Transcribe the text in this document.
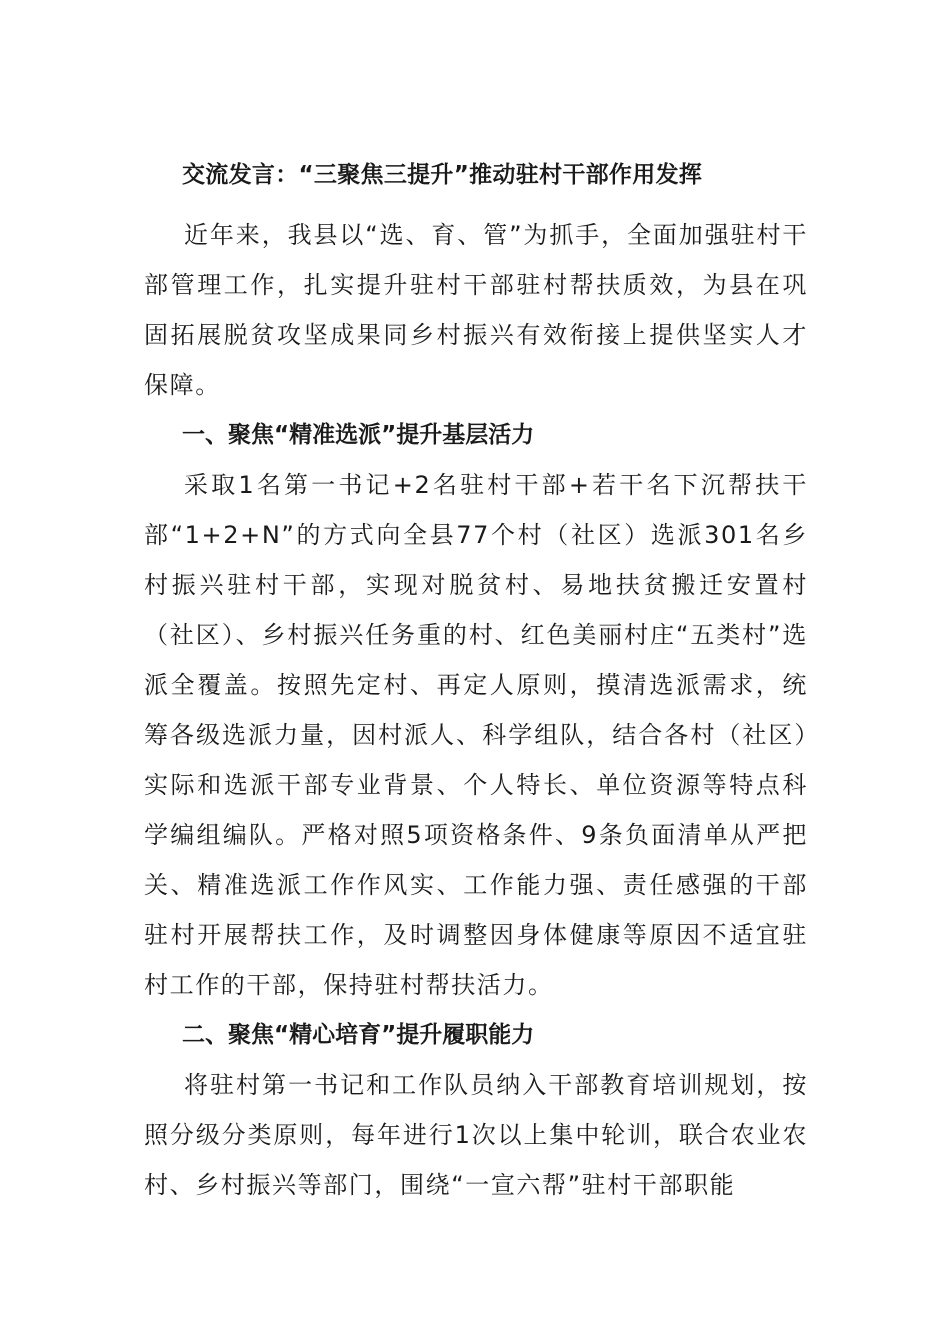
交流发言：“三聚焦三提升”推动驻村干部作用发挥

近年来，我县以“选、育、管”为抓手，全面加强驻村干部管理工作，扎实提升驻村干部驻村帮扶质效，为县在巩固拓展脱贫攻坚成果同乡村振兴有效衔接上提供坚实人才保障。

一、聚焦“精准选派”提升基层活力

采取1名第一书记+2名驻村干部+若干名下沉帮扶干部“1+2+N”的方式向全县77个村（社区）选派301名乡村振兴驻村干部，实现对脱贫村、易地扶贫搬迁安置村（社区）、乡村振兴任务重的村、红色美丽村庄“五类村”选派全覆盖。按照先定村、再定人原则，摸清选派需求，统筹各级选派力量，因村派人、科学组队，结合各村（社区）实际和选派干部专业背景、个人特长、单位资源等特点科学编组编队。严格对照5项资格条件、9条负面清单从严把关、精准选派工作作风实、工作能力强、责任感强的干部驻村开展帮扶工作，及时调整因身体健康等原因不适宜驻村工作的干部，保持驻村帮扶活力。

二、聚焦“精心培育”提升履职能力

将驻村第一书记和工作队员纳入干部教育培训规划，按照分级分类原则，每年进行1次以上集中轮训，联合农业农村、乡村振兴等部门，围绕“一宣六帮”驻村干部职能
